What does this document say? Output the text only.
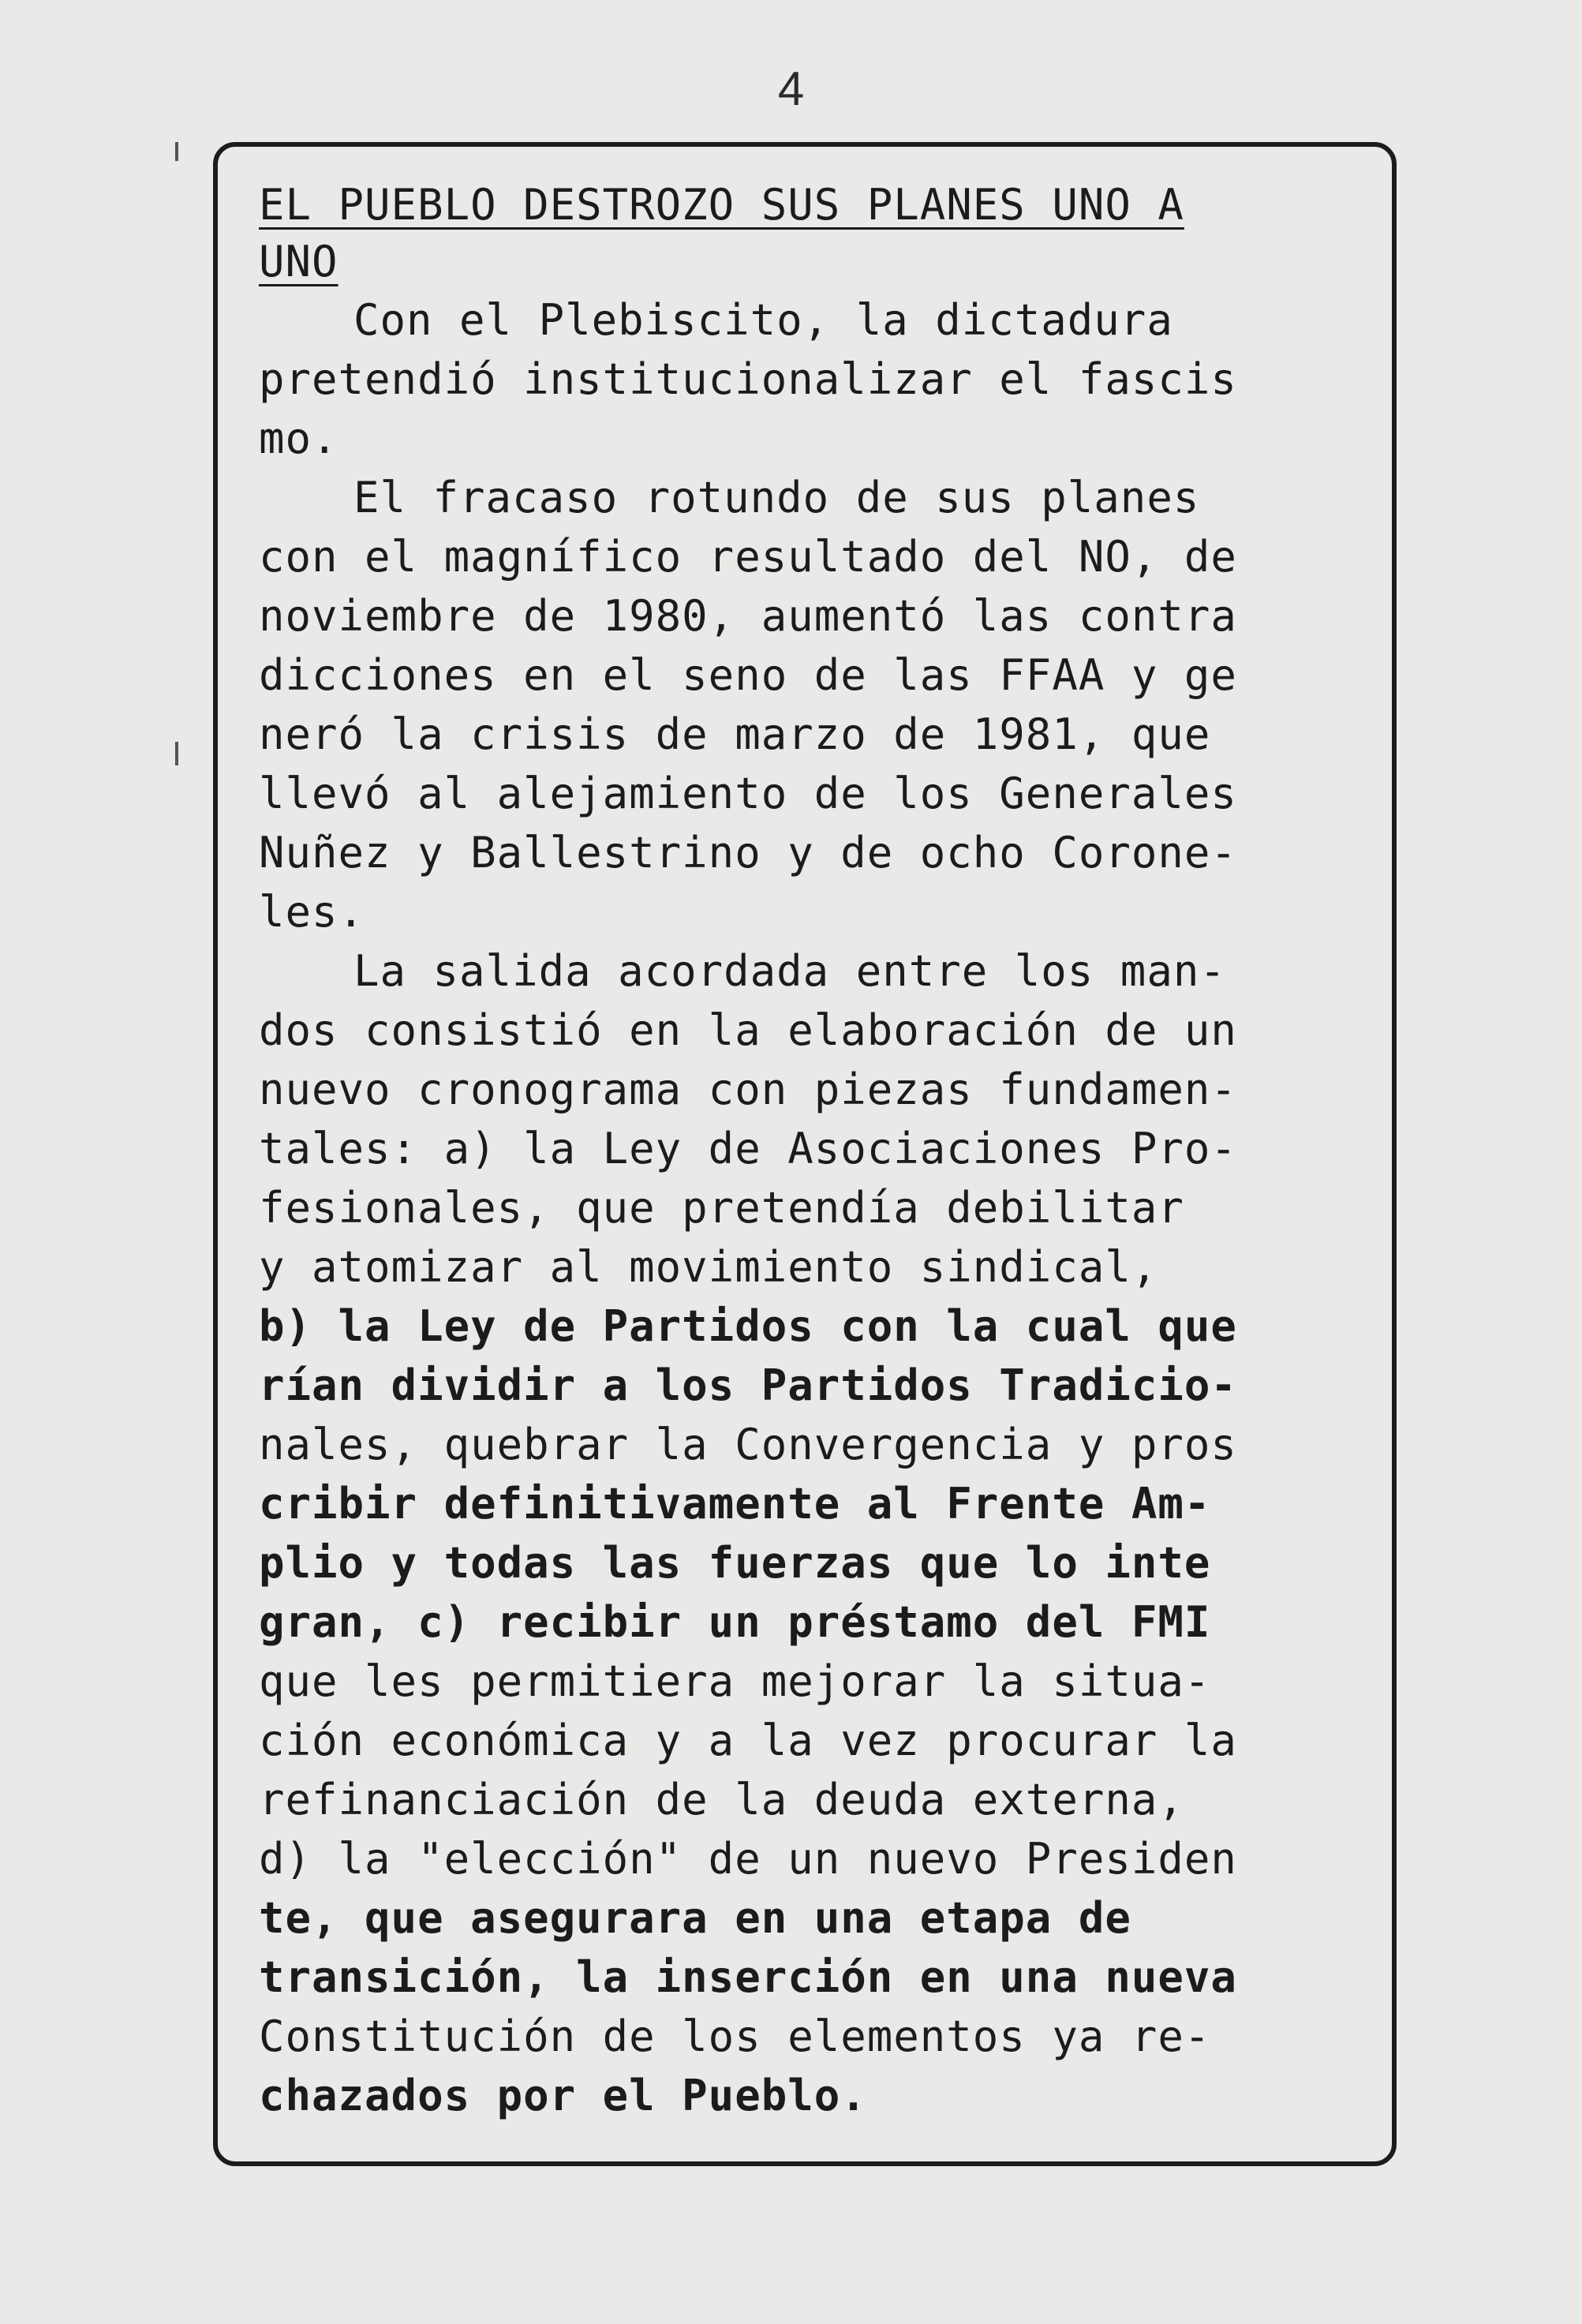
4
EL PUEBLO DESTROZO SUS PLANES UNO A
UNO

Con el Plebiscito, la dictadura
pretendió institucionalizar el fascis
mo.

El fracaso rotundo de sus planes
con el magnífico resultado del NO, de
noviembre de 1980, aumentó las contra
dicciones en el seno de las FFAA y ge
neró la crisis de marzo de 1981, que
llevó al alejamiento de los Generales
Nuñez y Ballestrino y de ocho Corone-
les.

La salida acordada entre los man-
dos consistió en la elaboración de un
nuevo cronograma con piezas fundamen-
tales: a) la Ley de Asociaciones Pro-
fesionales, que pretendía debilitar
y atomizar al movimiento sindical,
b) la Ley de Partidos con la cual que
rían dividir a los Partidos Tradicio-
nales, quebrar la Convergencia y pros
cribir definitivamente al Frente Am-
plio y todas las fuerzas que lo inte
gran, c) recibir un préstamo del FMI
que les permitiera mejorar la situa-
ción económica y a la vez procurar la
refinanciación de la deuda externa,
d) la "elección" de un nuevo Presiden
te, que asegurara en una etapa de
transición, la inserción en una nueva
Constitución de los elementos ya re-
chazados por el Pueblo.
